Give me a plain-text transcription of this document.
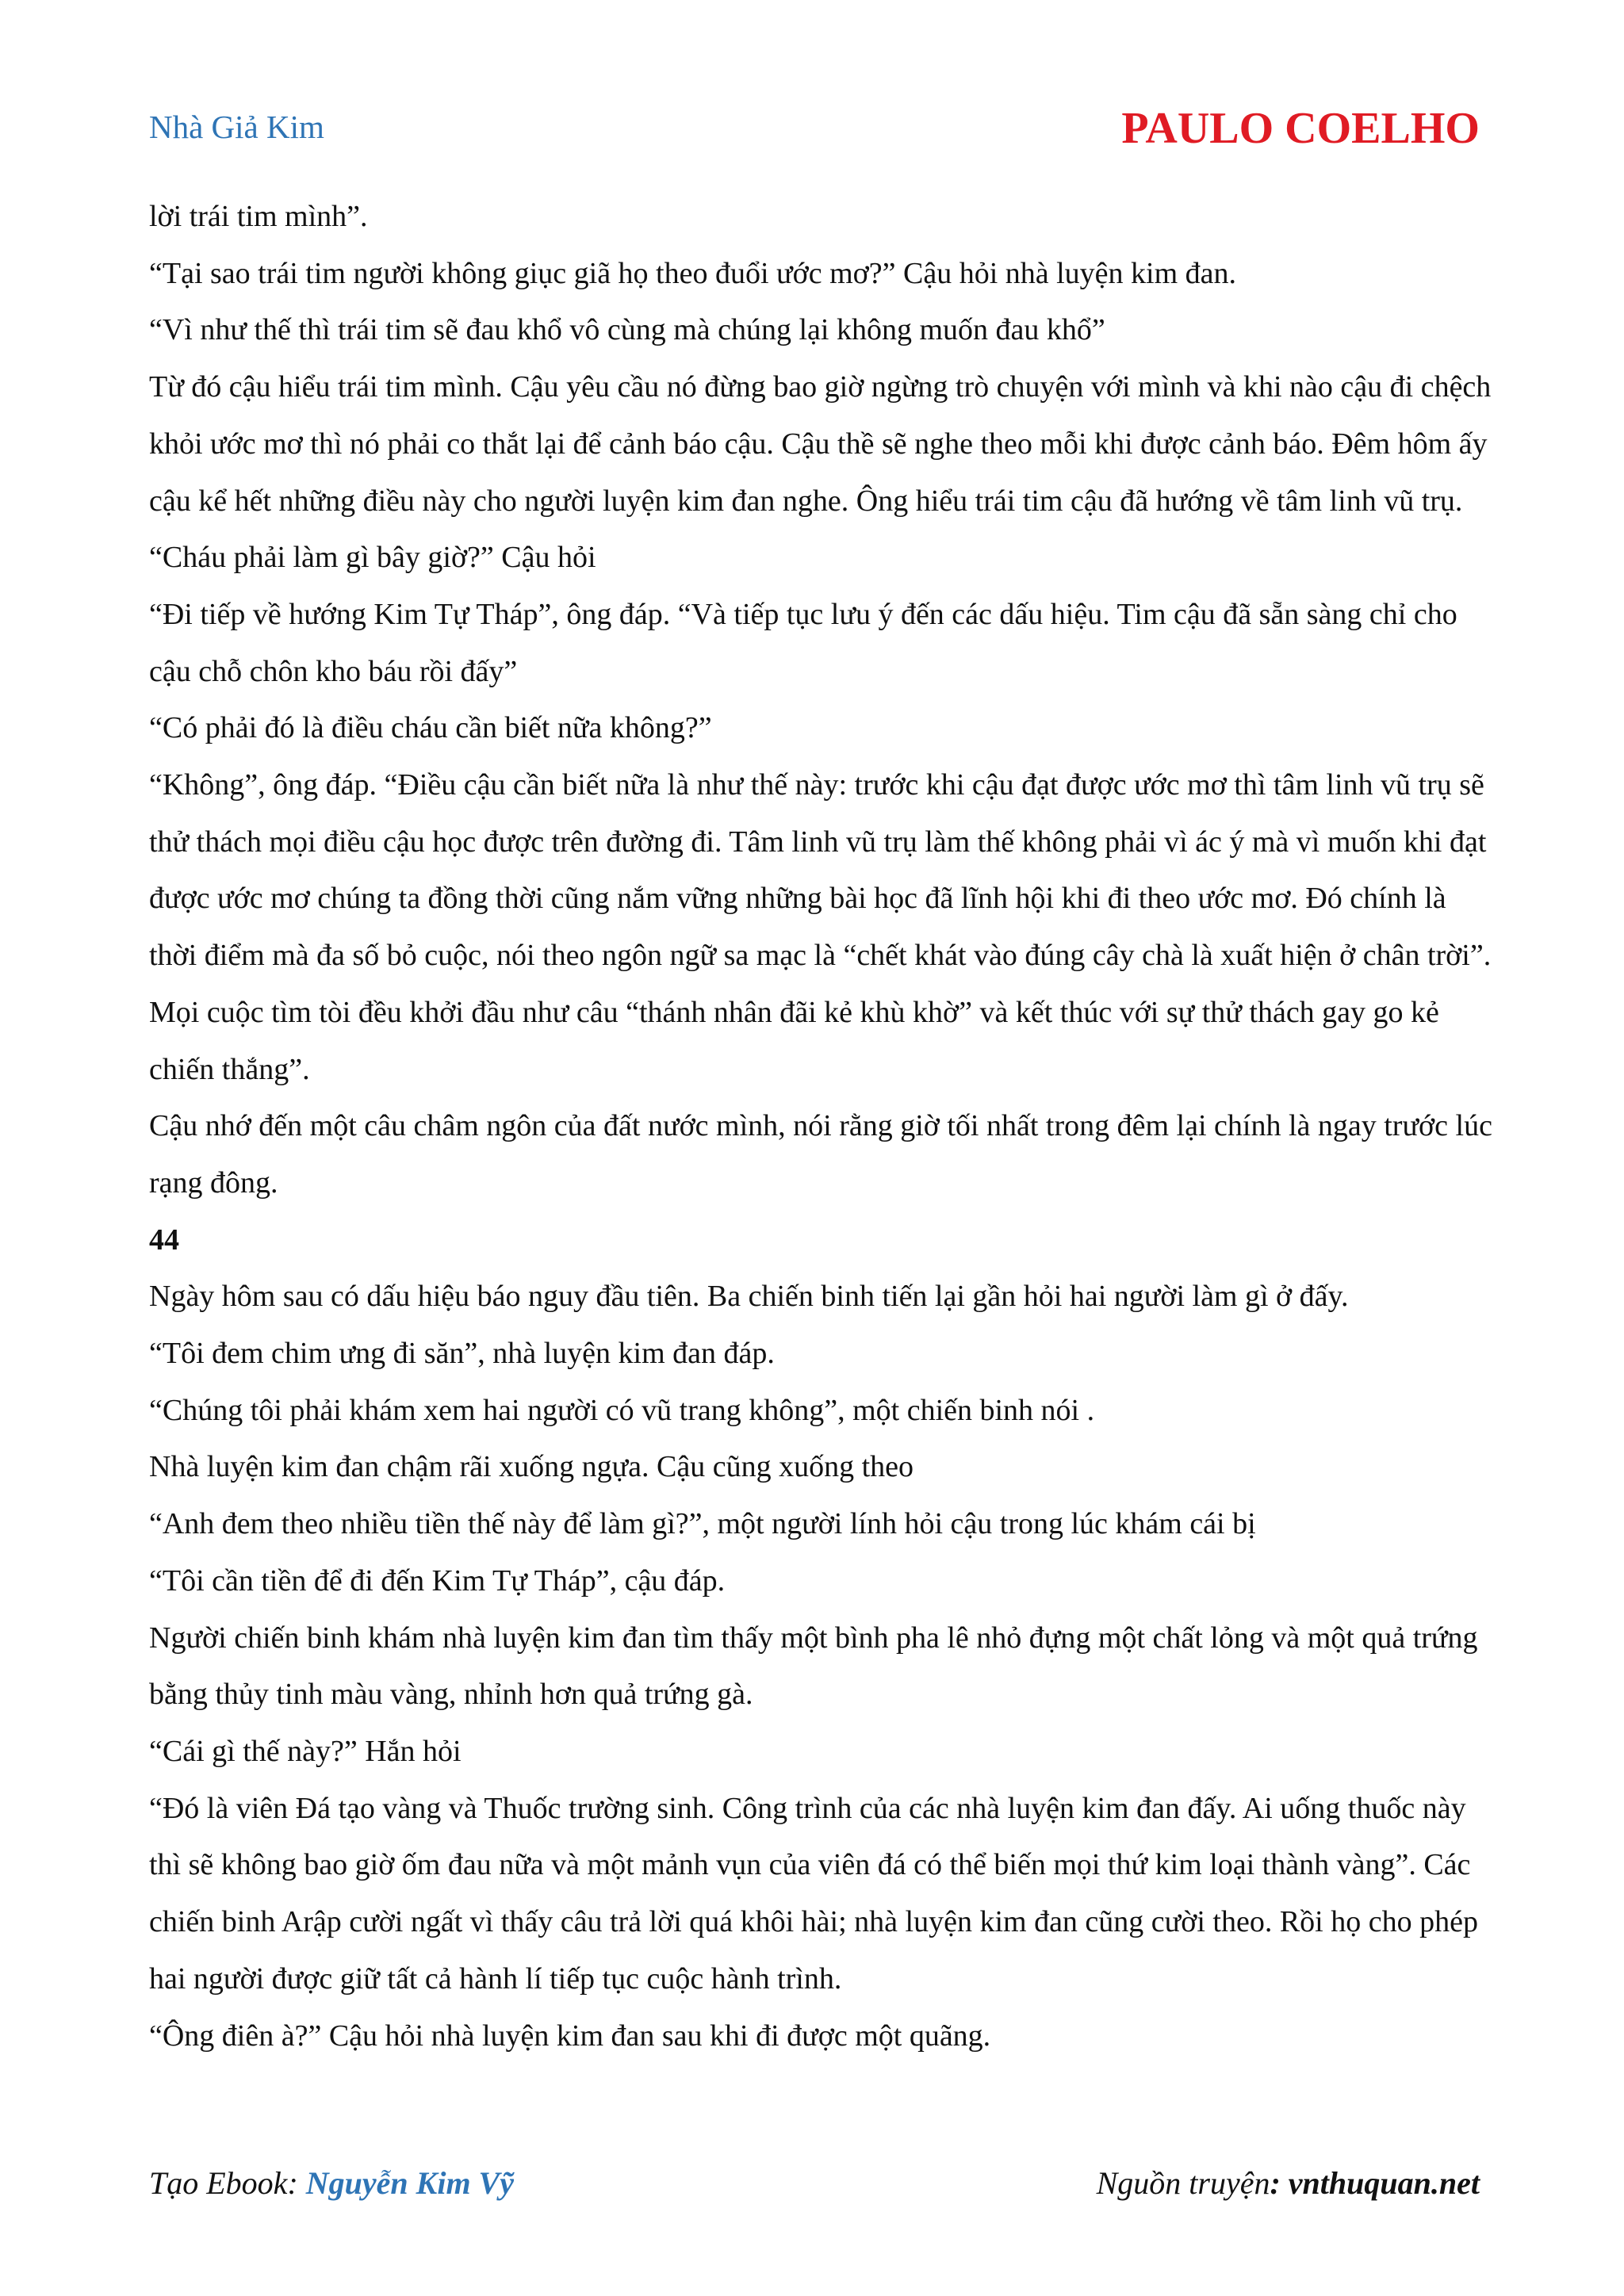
Nhà Giả Kim	PAULO COELHO

lời trái tim mình”.

“Tại sao trái tim người không giục giã họ theo đuổi ước mơ?” Cậu hỏi nhà luyện kim đan.

“Vì như thế thì trái tim sẽ đau khổ vô cùng mà chúng lại không muốn đau khổ”

Từ đó cậu hiểu trái tim mình. Cậu yêu cầu nó đừng bao giờ ngừng trò chuyện với mình và khi nào cậu đi chệch khỏi ước mơ thì nó phải co thắt lại để cảnh báo cậu. Cậu thề sẽ nghe theo mỗi khi được cảnh báo. Đêm hôm ấy cậu kể hết những điều này cho người luyện kim đan nghe. Ông hiểu trái tim cậu đã hướng về tâm linh vũ trụ.

“Cháu phải làm gì bây giờ?” Cậu hỏi

“Đi tiếp về hướng Kim Tự Tháp”, ông đáp. “Và tiếp tục lưu ý đến các dấu hiệu. Tim cậu đã sẵn sàng chỉ cho cậu chỗ chôn kho báu rồi đấy”

“Có phải đó là điều cháu cần biết nữa không?”

“Không”, ông đáp. “Điều cậu cần biết nữa là như thế này: trước khi cậu đạt được ước mơ thì tâm linh vũ trụ sẽ thử thách mọi điều cậu học được trên đường đi. Tâm linh vũ trụ làm thế không phải vì ác ý mà vì muốn khi đạt được ước mơ chúng ta đồng thời cũng nắm vững những bài học đã lĩnh hội khi đi theo ước mơ. Đó chính là thời điểm mà đa số bỏ cuộc, nói theo ngôn ngữ sa mạc là “chết khát vào đúng cây chà là xuất hiện ở chân trời”. Mọi cuộc tìm tòi đều khởi đầu như câu “thánh nhân đãi kẻ khù khờ” và kết thúc với sự thử thách gay go kẻ chiến thắng”.

Cậu nhớ đến một câu châm ngôn của đất nước mình, nói rằng giờ tối nhất trong đêm lại chính là ngay trước lúc rạng đông.

44

Ngày hôm sau có dấu hiệu báo nguy đầu tiên. Ba chiến binh tiến lại gần hỏi hai người làm gì ở đấy.

“Tôi đem chim ưng đi săn”, nhà luyện kim đan đáp.

“Chúng tôi phải khám xem hai người có vũ trang không”, một chiến binh nói .

Nhà luyện kim đan chậm rãi xuống ngựa. Cậu cũng xuống theo

“Anh đem theo nhiều tiền thế này để làm gì?”, một người lính hỏi cậu trong lúc khám cái bị

“Tôi cần tiền để đi đến Kim Tự Tháp”, cậu đáp.

Người chiến binh khám nhà luyện kim đan tìm thấy một bình pha lê nhỏ đựng một chất lỏng và một quả trứng bằng thủy tinh màu vàng, nhỉnh hơn quả trứng gà.

“Cái gì thế này?” Hắn hỏi

“Đó là viên Đá tạo vàng và Thuốc trường sinh. Công trình của các nhà luyện kim đan đấy. Ai uống thuốc này thì sẽ không bao giờ ốm đau nữa và một mảnh vụn của viên đá có thể biến mọi thứ kim loại thành vàng”. Các chiến binh Arập cười ngất vì thấy câu trả lời quá khôi hài; nhà luyện kim đan cũng cười theo. Rồi họ cho phép hai người được giữ tất cả hành lí tiếp tục cuộc hành trình.

“Ông điên à?” Cậu hỏi nhà luyện kim đan sau khi đi được một quãng.

Tạo Ebook: Nguyễn Kim Vỹ	Nguồn truyện: vnthuquan.net
